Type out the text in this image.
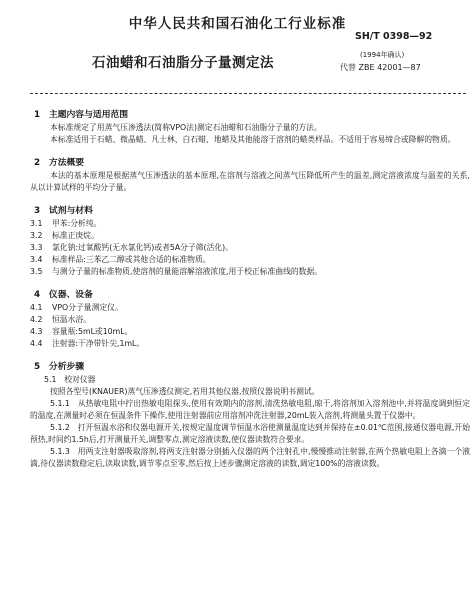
中华人民共和国石油化工行业标准
SH/T 0398—92
石油蜡和石油脂分子量测定法	(1994年确认)
代替 ZBE 42001—87
1　主题内容与适用范围

本标准规定了用蒸气压渗透法(简称VPO法)测定石油蜡和石油脂分子量的方法。

本标准适用于石蜡、微晶蜡、凡士林、白石蜡、地蜡及其他能溶于溶剂的蜡类样品。不适用于容易缔合或降解的物质。

2　方法概要

本法的基本原理是根据蒸气压渗透法的基本原理,在溶剂与溶液之间蒸气压降低所产生的温差,测定溶液浓度与温差的关系,从以计算试样的平均分子量。

3　试剂与材料
3.1	甲苯:分析纯。
3.2	标准正庚烷。
3.3	氯化钠:过氧酸钙(无水氯化钙)或者5A分子筛(活化)。
3.4	标准样品:三苯乙二醇或其他合适的标准物质。
3.5	与测分子量的标准物质,使溶剂的量能溶解溶液浓度,用于校正标准曲线的数据。
4　仪器、设备
4.1	VPO分子量测定仪。
4.2	恒温水浴。
4.3	容量瓶:5mL或10mL。
4.4	注射器:干净带针尖,1mL。
5　分析步骤
5.1　校对仪器

按照各型号(KNAUER)蒸气压渗透仪测定,若用其他仪器,按照仪器说明书测试。

5.1.1　从热敏电阻中拧出热敏电阻探头,使用有效期内的溶剂,清洗热敏电阻,晾干,将溶剂加入溶剂池中,并将温度调到恒定的温度,在测量时必须在恒温条件下操作,使用注射器前应用溶剂冲洗注射器,20mL装入溶剂,将测量头置于仪器中。

5.1.2　打开恒温水浴和仪器电源开关,按规定温度调节恒温水浴使测量温度达到并保持在±0.01℃范围,接通仪器电源,开始预热,时间约1.5h后,打开测量开关,调整零点,测定溶液读数,使仪器读数符合要求。

5.1.3　用两支注射器吸取溶剂,将两支注射器分别插入仪器的两个注射孔中,慢慢推动注射器,在两个热敏电阻上各滴一个液滴,待仪器读数稳定后,读取读数,调节零点至零,然后按上述步骤测定溶液的读数,调定100%的溶液读数。
